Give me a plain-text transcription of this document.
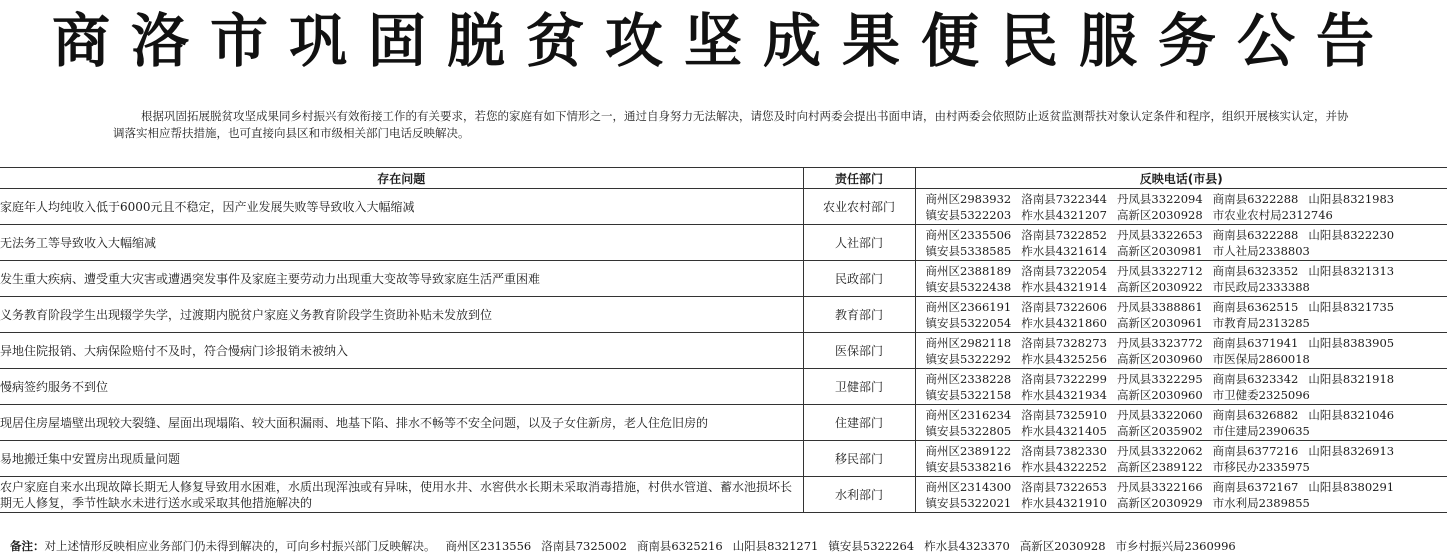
商洛市巩固脱贫攻坚成果便民服务公告
根据巩固拓展脱贫攻坚成果同乡村振兴有效衔接工作的有关要求，若您的家庭有如下情形之一，通过自身努力无法解决，请您及时向村两委会提出书面申请，由村两委会依照防止返贫监测帮扶对象认定条件和程序，组织开展核实认定，并协调落实相应帮扶措施，也可直接向县区和市级相关部门电话反映解决。
存在问题	责任部门	反映电话(市县)
家庭年人均纯收入低于6000元且不稳定，因产业发展失败等导致收入大幅缩减	农业农村部门	商州区2983932 洛南县7322344 丹凤县3322094 商南县6322288 山阳县8321983
镇安县5322203 柞水县4321207 高新区2030928 市农业农村局2312746

无法务工等导致收入大幅缩减	人社部门	商州区2335506 洛南县7322852 丹凤县3322653 商南县6322288 山阳县8322230
镇安县5338585 柞水县4321614 高新区2030981 市人社局2338803

发生重大疾病、遭受重大灾害或遭遇突发事件及家庭主要劳动力出现重大变故等导致家庭生活严重困难	民政部门	商州区2388189 洛南县7322054 丹凤县3322712 商南县6323352 山阳县8321313
镇安县5322438 柞水县4321914 高新区2030922 市民政局2333388

义务教育阶段学生出现辍学失学，过渡期内脱贫户家庭义务教育阶段学生资助补贴未发放到位	教育部门	商州区2366191 洛南县7322606 丹凤县3388861 商南县6362515 山阳县8321735
镇安县5322054 柞水县4321860 高新区2030961 市教育局2313285

异地住院报销、大病保险赔付不及时，符合慢病门诊报销未被纳入	医保部门	商州区2982118 洛南县7328273 丹凤县3323772 商南县6371941 山阳县8383905
镇安县5322292 柞水县4325256 高新区2030960 市医保局2860018

慢病签约服务不到位	卫健部门	商州区2338228 洛南县7322299 丹凤县3322295 商南县6323342 山阳县8321918
镇安县5322158 柞水县4321934 高新区2030960 市卫健委2325096

现居住房屋墙壁出现较大裂缝、屋面出现塌陷、较大面积漏雨、地基下陷、排水不畅等不安全问题，以及子女住新房，老人住危旧房的	住建部门	商州区2316234 洛南县7325910 丹凤县3322060 商南县6326882 山阳县8321046
镇安县5322805 柞水县4321405 高新区2035902 市住建局2390635

易地搬迁集中安置房出现质量问题	移民部门	商州区2389122 洛南县7382330 丹凤县3322062 商南县6377216 山阳县8326913
镇安县5338216 柞水县4322252 高新区2389122 市移民办2335975

农户家庭自来水出现故障长期无人修复导致用水困难，水质出现浑浊或有异味，使用水井、水窖供水长期未采取消毒措施，村供水管道、蓄水池损坏长期无人修复，季节性缺水未进行送水或采取其他措施解决的	水利部门	商州区2314300 洛南县7322653 丹凤县3322166 商南县6372167 山阳县8380291
镇安县5322021 柞水县4321910 高新区2030929 市水利局2389855
备注：对上述情形反映相应业务部门仍未得到解决的，可向乡村振兴部门反映解决。 商州区2313556 洛南县7325002 商南县6325216 山阳县8321271 镇安县5322264 柞水县4323370 高新区2030928 市乡村振兴局2360996
